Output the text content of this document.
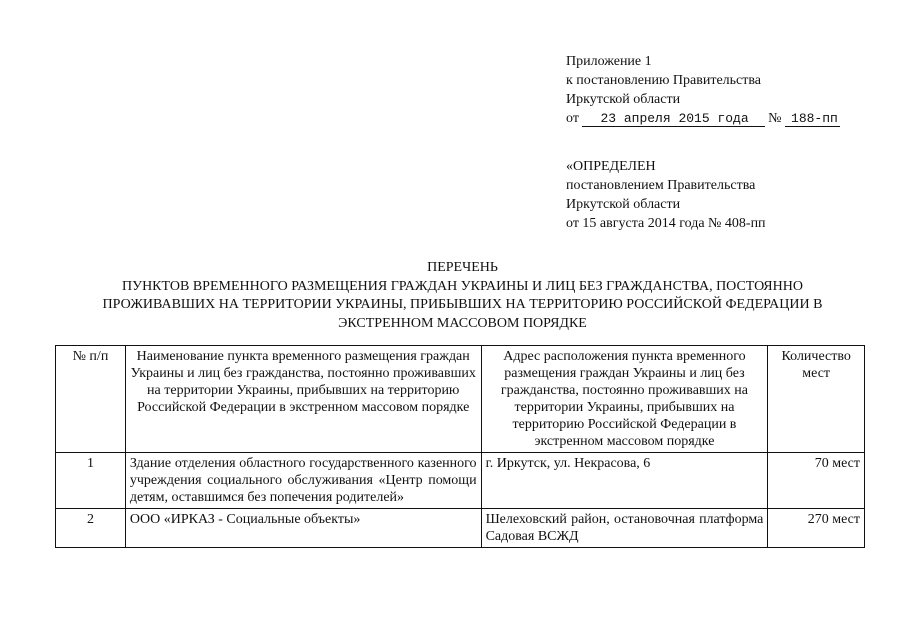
Приложение 1
к постановлению Правительства
Иркутской области
от 23 апреля 2015 года № 188-пп
«ОПРЕДЕЛЕН
постановлением Правительства
Иркутской области
от 15 августа 2014 года № 408-пп
ПЕРЕЧЕНЬ
ПУНКТОВ ВРЕМЕННОГО РАЗМЕЩЕНИЯ ГРАЖДАН УКРАИНЫ И ЛИЦ БЕЗ ГРАЖДАНСТВА, ПОСТОЯННО
ПРОЖИВАВШИХ НА ТЕРРИТОРИИ УКРАИНЫ, ПРИБЫВШИХ НА ТЕРРИТОРИЮ РОССИЙСКОЙ ФЕДЕРАЦИИ В
ЭКСТРЕННОМ МАССОВОМ ПОРЯДКЕ
№ п/п	Наименование пункта временного размещения граждан Украины и лиц без гражданства, постоянно проживавших на территории Украины, прибывших на территорию Российской Федерации в экстренном массовом порядке	Адрес расположения пункта временного размещения граждан Украины и лиц без гражданства, постоянно проживавших на территории Украины, прибывших на территорию Российской Федерации в экстренном массовом порядке	Количество мест
1	Здание отделения областного государственного казенного учреждения социального обслуживания «Центр помощи детям, оставшимся без попечения родителей»	г. Иркутск, ул. Некрасова, 6	70 мест
2	ООО «ИРКАЗ - Социальные объекты»	Шелеховский район, остановочная платформа Садовая ВСЖД	270 мест
